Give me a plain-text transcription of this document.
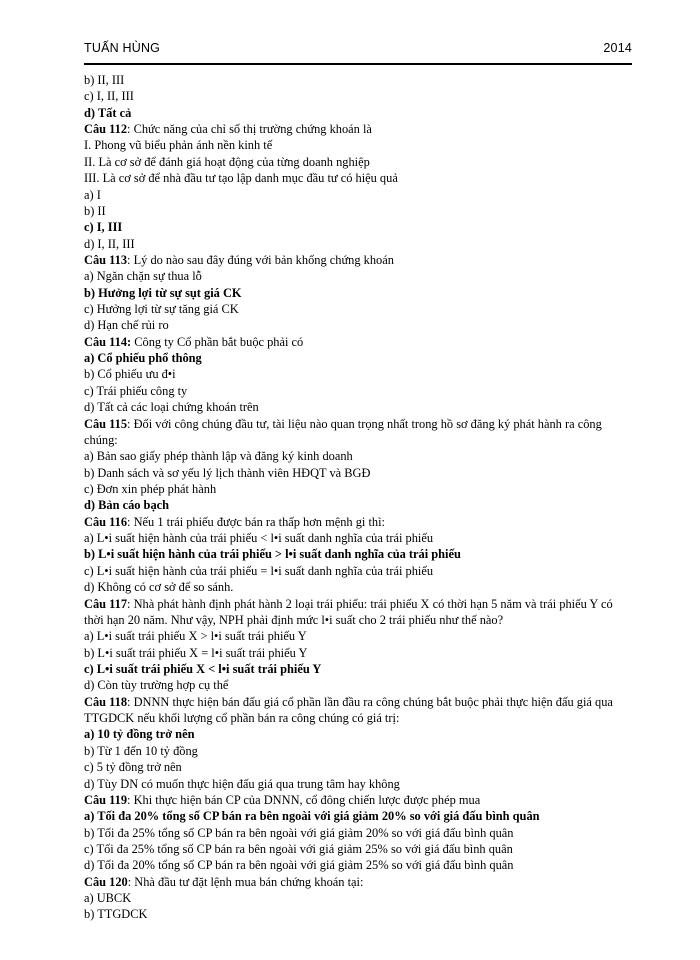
TUẤN HÙNG	2014
b) II, III
c) I, II, III
d) Tất cả
Câu 112: Chức năng của chỉ số thị trường chứng khoán là
I. Phong vũ biểu phản ánh nền kinh tế
II. Là cơ sở để đánh giá hoạt động của từng doanh nghiệp
III. Là cơ sở để nhà đầu tư tạo lập danh mục đầu tư có hiệu quả
a) I
b) II
c) I, III
d) I, II, III
Câu 113: Lý do nào sau đây đúng với bản khống chứng khoán
a) Ngăn chặn sự thua lỗ
b) Hưởng lợi từ sự sụt giá CK
c) Hưởng lợi từ sự tăng giá CK
d) Hạn chế rủi ro
Câu 114: Công ty Cổ phần bắt buộc phải có
a) Cổ phiếu phổ thông
b) Cổ phiếu ưu đ•i
c) Trái phiếu công ty
d) Tất cả các loại chứng khoán trên
Câu 115: Đối với công chúng đầu tư, tài liệu nào quan trọng nhất trong hồ sơ đăng ký phát hành ra công chúng:
a) Bản sao giấy phép thành lập và đăng ký kinh doanh
b) Danh sách và sơ yếu lý lịch thành viên HĐQT và BGĐ
c) Đơn xin phép phát hành
d) Bản cáo bạch
Câu 116: Nếu 1 trái phiếu được bán ra thấp hơn mệnh gi thì:
a) L•i suất hiện hành của trái phiếu < l•i suất danh nghĩa của trái phiếu
b) L•i suất hiện hành của trái phiếu > l•i suất danh nghĩa của trái phiếu
c) L•i suất hiện hành của trái phiếu = l•i suất danh nghĩa của trái phiếu
d) Không có cơ sở để so sánh.
Câu 117: Nhà phát hành định phát hành 2 loại trái phiếu: trái phiếu X có thời hạn 5 năm và trái phiếu Y có thời hạn 20 năm. Như vậy, NPH phải định mức l•i suất cho 2 trái phiếu như thế nào?
a) L•i suất trái phiếu X > l•i suất trái phiếu Y
b) L•i suất trái phiếu X = l•i suất trái phiếu Y
c) L•i suất trái phiếu X < l•i suất trái phiếu Y
d) Còn tùy trường hợp cụ thể
Câu 118: DNNN thực hiện bán đấu giá cổ phần lần đầu ra công chúng bắt buộc phải thực hiện đấu giá qua TTGDCK nếu khối lượng cổ phần bán ra công chúng có giá trị:
a) 10 tỷ đồng trở nên
b) Từ 1 đến 10 tỷ đồng
c) 5 tỷ đồng trở nên
d) Tùy DN có muốn thực hiện đấu giá qua trung tâm hay không
Câu 119: Khi thực hiện bán CP của DNNN, cổ đông chiến lược được phép mua
a) Tối đa 20% tổng số CP bán ra bên ngoài với giá giảm 20% so với giá đấu bình quân
b) Tối đa 25% tổng số CP bán ra bên ngoài với giá giảm 20% so với giá đấu bình quân
c) Tối đa 25% tổng số CP bán ra bên ngoài với giá giảm 25% so với giá đấu bình quân
d) Tối đa 20% tổng số CP bán ra bên ngoài với giá giảm 25% so với giá đấu bình quân
Câu 120: Nhà đầu tư đặt lệnh mua bán chứng khoán tại:
a) UBCK
b) TTGDCK
